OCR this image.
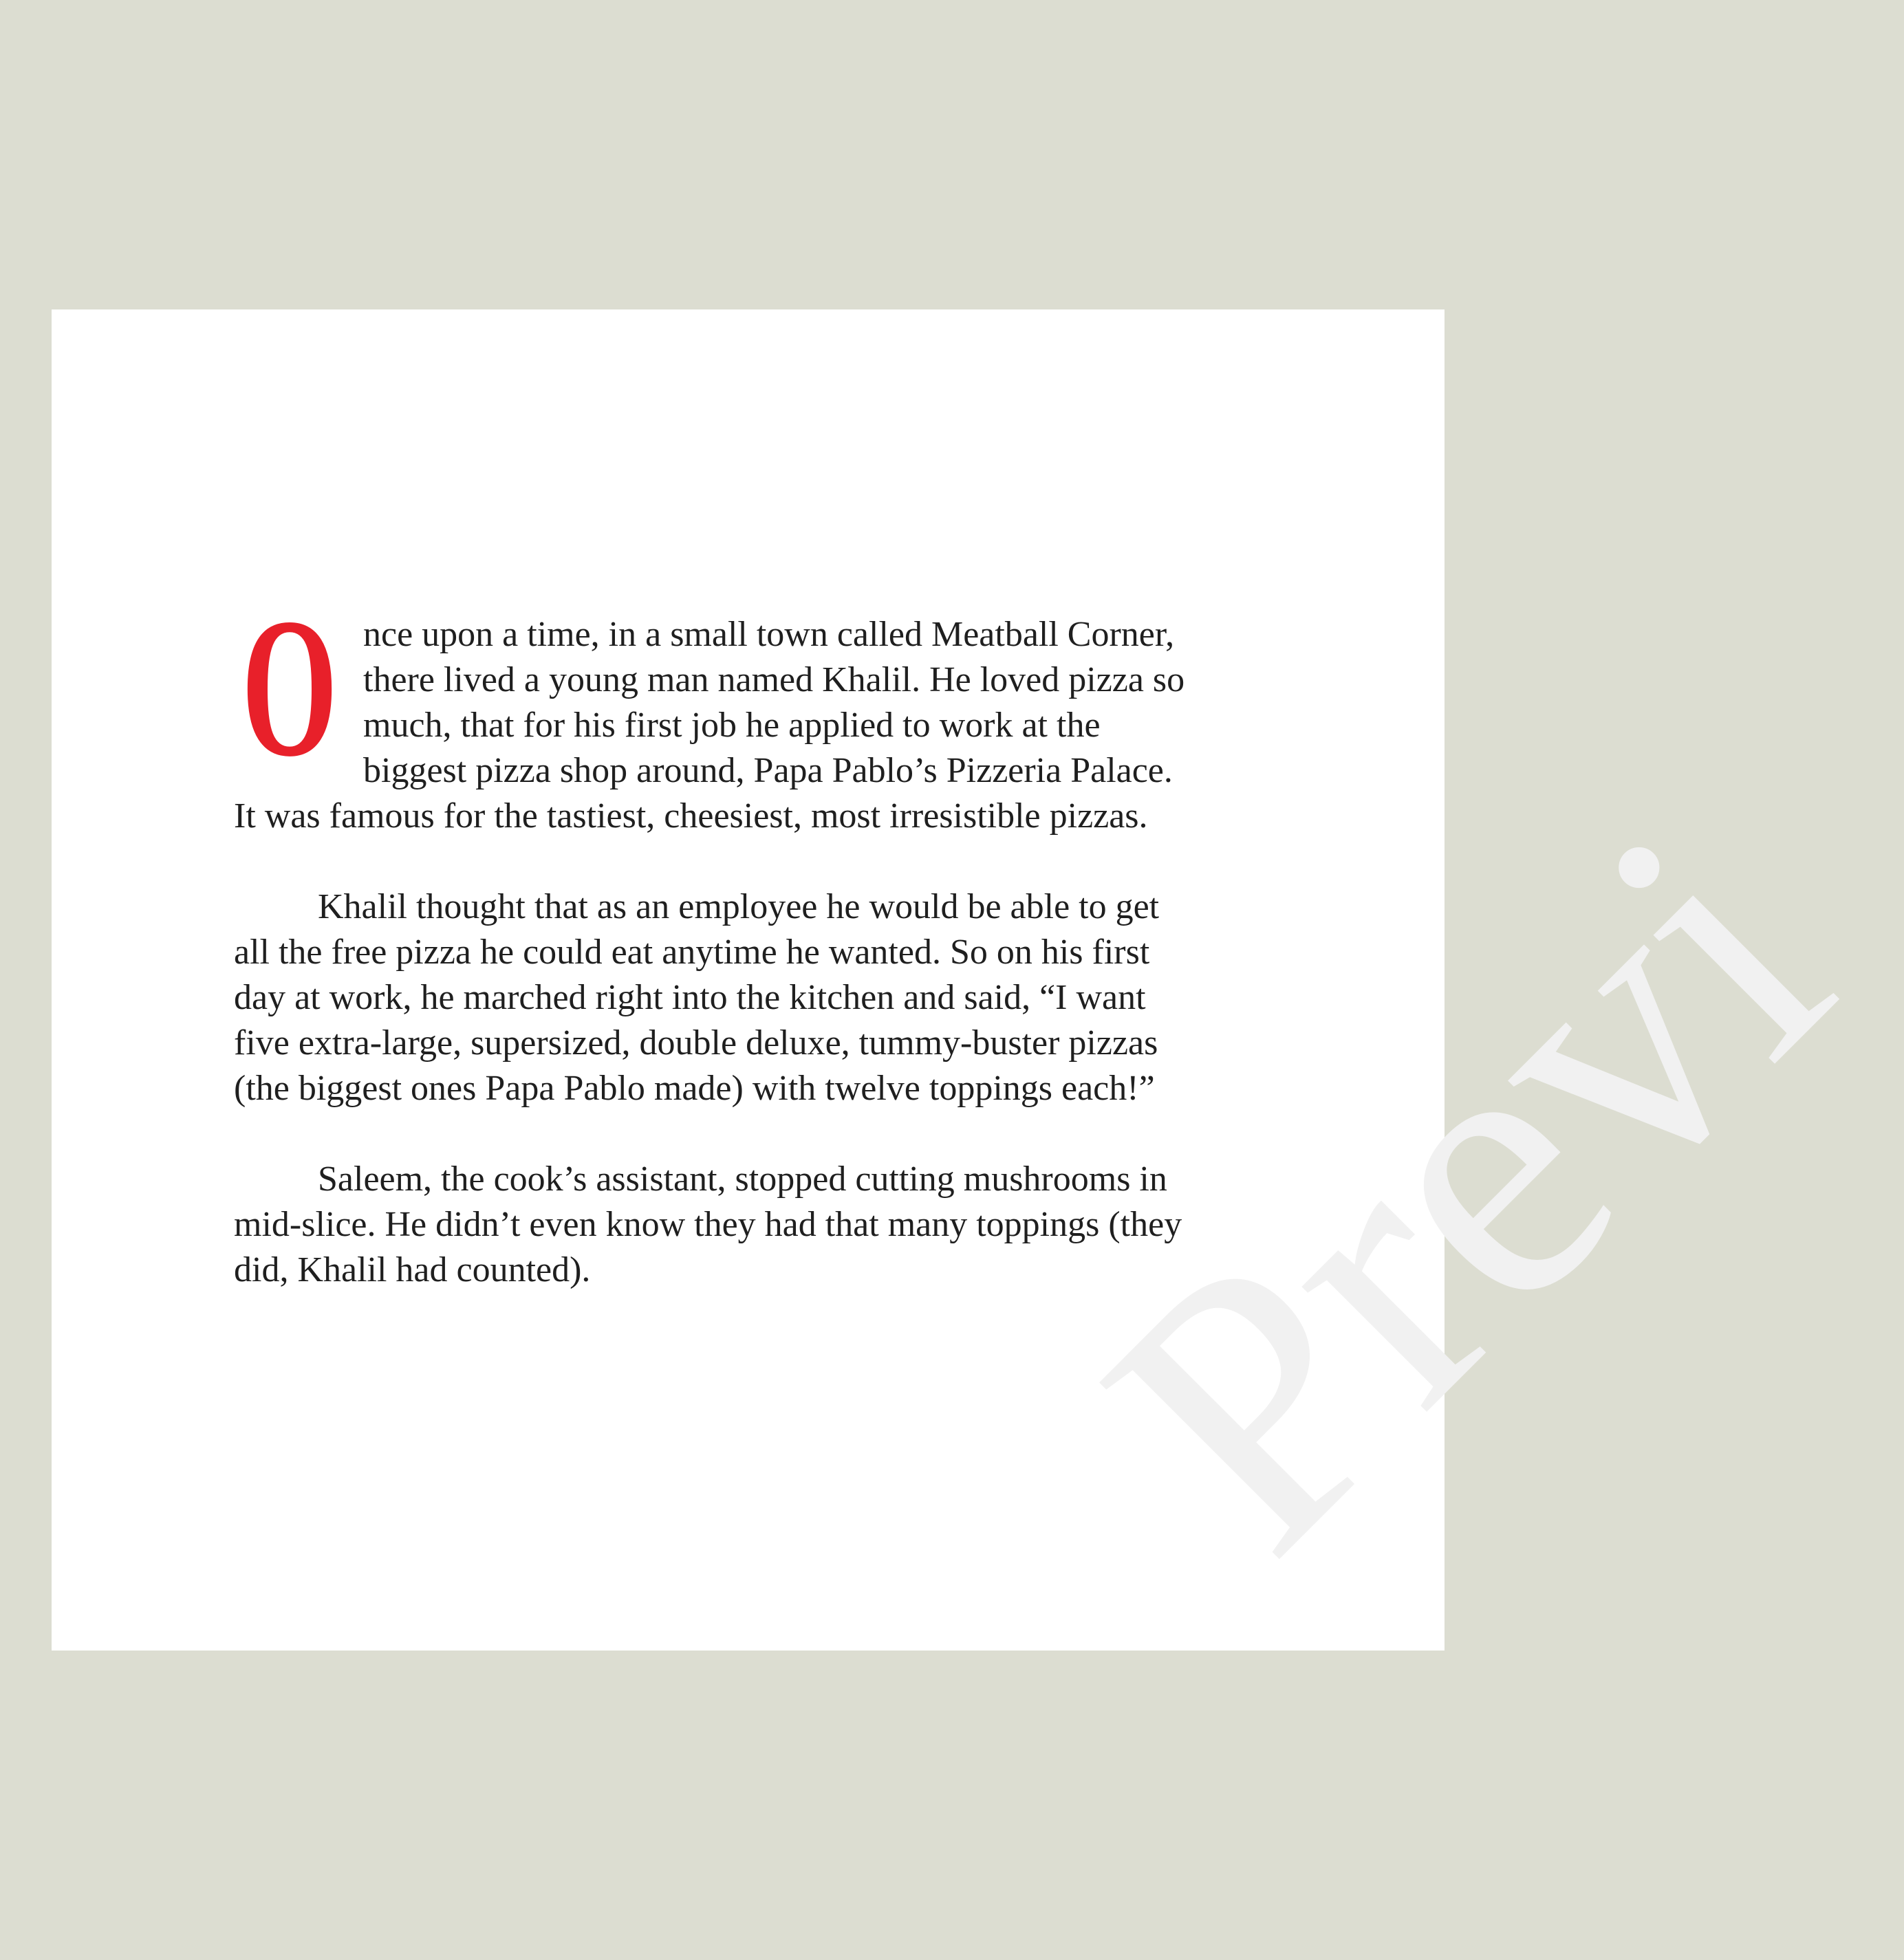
Previ

O nce upon a time, in a small town called Meatball Corner, there lived a young man named Khalil. He loved pizza so much, that for his first job he applied to work at the biggest pizza shop around, Papa Pablo’s Pizzeria Palace. It was famous for the tastiest, cheesiest, most irresistible pizzas.

Khalil thought that as an employee he would be able to get all the free pizza he could eat anytime he wanted. So on his first day at work, he marched right into the kitchen and said, “I want five extra-large, supersized, double deluxe, tummy-buster pizzas (the biggest ones Papa Pablo made) with twelve toppings each!”

Saleem, the cook’s assistant, stopped cutting mushrooms in mid-slice. He didn’t even know they had that many toppings (they did, Khalil had counted).
